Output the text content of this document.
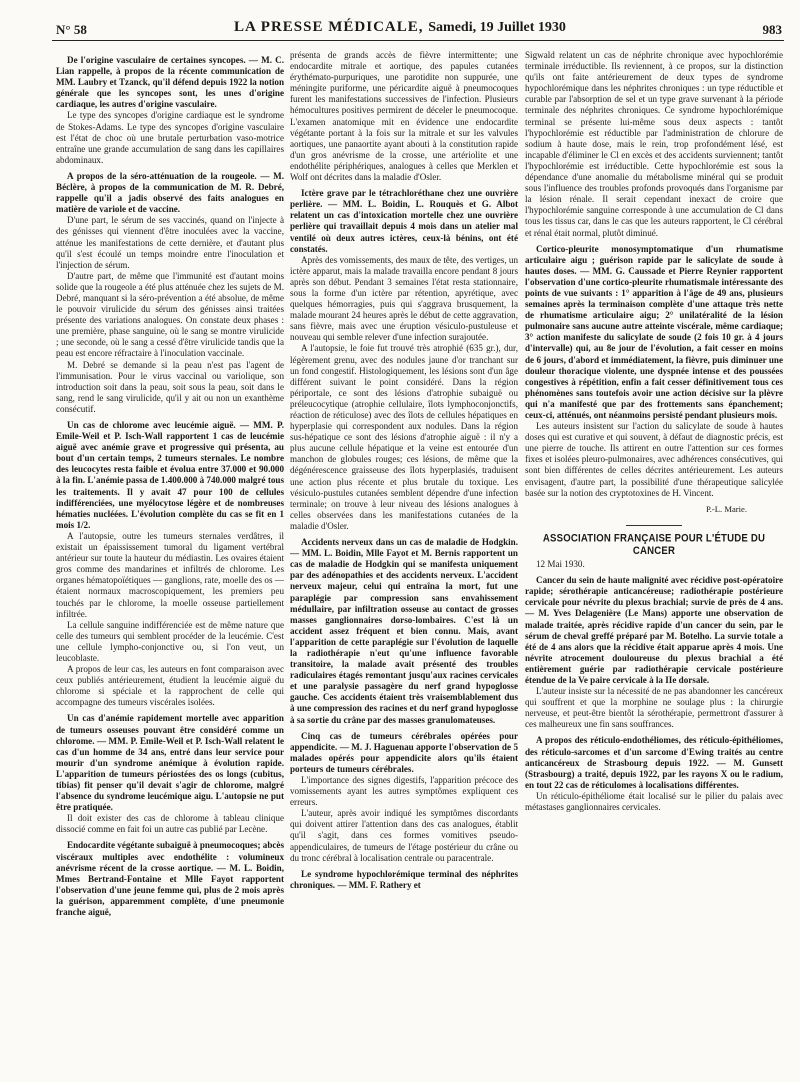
N° 58	LA PRESSE MÉDICALE, Samedi, 19 Juillet 1930	983

De l'origine vasculaire de certaines syncopes. — M. C. Lian rappelle, à propos de la récente communication de MM. Laubry et Tzanck, qu'il défend depuis 1922 la notion générale que les syncopes sont, les unes d'origine cardiaque, les autres d'origine vasculaire.

Le type des syncopes d'origine cardiaque est le syndrome de Stokes-Adams. Le type des syncopes d'origine vasculaire est l'état de choc où une brutale perturbation vaso-motrice entraîne une grande accumulation de sang dans les capillaires abdominaux.

A propos de la séro-atténuation de la rougeole. — M. Béclère, à propos de la communication de M. R. Debré, rappelle qu'il a jadis observé des faits analogues en matière de variole et de vaccine.

D'une part, le sérum de ses vaccinés, quand on l'injecte à des génisses qui viennent d'être inoculées avec la vaccine, atténue les manifestations de cette dernière, et d'autant plus qu'il s'est écoulé un temps moindre entre l'inoculation et l'injection de sérum.

D'autre part, de même que l'immunité est d'autant moins solide que la rougeole a été plus atténuée chez les sujets de M. Debré, manquant si la séro-prévention a été absolue, de même le pouvoir virulicide du sérum des génisses ainsi traitées présente des variations analogues. On constate deux phases : une première, phase sanguine, où le sang se montre virulicide ; une seconde, où le sang a cessé d'être virulicide tandis que la peau est encore réfractaire à l'inoculation vaccinale.

M. Debré se demande si la peau n'est pas l'agent de l'immunisation. Pour le virus vaccinal ou variolique, son introduction soit dans la peau, soit sous la peau, soit dans le sang, rend le sang virulicide, qu'il y ait ou non un exanthème consécutif.

Un cas de chlorome avec leucémie aiguë. — MM. P. Emile-Weil et P. Isch-Wall rapportent 1 cas de leucémie aiguë avec anémie grave et progressive qui présenta, au bout d'un certain temps, 2 tumeurs sternales. Le nombre des leucocytes resta faible et évolua entre 37.000 et 90.000 à la fin. L'anémie passa de 1.400.000 à 740.000 malgré tous les traitements. Il y avait 47 pour 100 de cellules indifférenciées, une myélocytose légère et de nombreuses hématies nucléées. L'évolution complète du cas se fit en 1 mois 1/2.

A l'autopsie, outre les tumeurs sternales verdâtres, il existait un épaississement tumoral du ligament vertébral antérieur sur toute la hauteur du médiastin. Les ovaires étaient gros comme des mandarines et infiltrés de chlorome. Les organes hématopoïétiques — ganglions, rate, moelle des os — étaient normaux macroscopiquement, les premiers peu touchés par le chlorome, la moelle osseuse partiellement infiltrée.

La cellule sanguine indifférenciée est de même nature que celle des tumeurs qui semblent procéder de la leucémie. C'est une cellule lympho-conjonctive ou, si l'on veut, un leucoblaste.

A propos de leur cas, les auteurs en font comparaison avec ceux publiés antérieurement, étudient la leucémie aiguë du chlorome si spéciale et la rapprochent de celle qui accompagne des tumeurs viscérales isolées.

Un cas d'anémie rapidement mortelle avec apparition de tumeurs osseuses pouvant être considéré comme un chlorome. — MM. P. Emile-Weil et P. Isch-Wall relatent le cas d'un homme de 34 ans, entré dans leur service pour mourir d'un syndrome anémique à évolution rapide. L'apparition de tumeurs périostées des os longs (cubitus, tibias) fit penser qu'il devait s'agir de chlorome, malgré l'absence du syndrome leucémique aigu. L'autopsie ne put être pratiquée.

Il doit exister des cas de chlorome à tableau clinique dissocié comme en fait foi un autre cas publié par Lecène.

Endocardite végétante subaiguë à pneumocoques; abcès viscéraux multiples avec endothélite : volumineux anévrisme récent de la crosse aortique. — M. L. Boidin, Mmes Bertrand-Fontaine et Mlle Fayot rapportent l'observation d'une jeune femme qui, plus de 2 mois après la guérison, apparemment complète, d'une pneumonie franche aiguë,

présenta de grands accès de fièvre intermittente; une endocardite mitrale et aortique, des papules cutanées érythémato-purpuriques, une parotidite non suppurée, une méningite puriforme, une péricardite aiguë à pneumocoques furent les manifestations successives de l'infection. Plusieurs hémocultures positives permirent de déceler le pneumocoque. L'examen anatomique mit en évidence une endocardite végétante portant à la fois sur la mitrale et sur les valvules aortiques, une panaortite ayant abouti à la constitution rapide d'un gros anévrisme de la crosse, une artériolite et une endothélite périphériques, analogues à celles que Merklen et Wolf ont décrites dans la maladie d'Osler.

Ictère grave par le tétrachloréthane chez une ouvrière perlière. — MM. L. Boidin, L. Rouquès et G. Albot relatent un cas d'intoxication mortelle chez une ouvrière perlière qui travaillait depuis 4 mois dans un atelier mal ventilé où deux autres ictères, ceux-là bénins, ont été constatés.

Après des vomissements, des maux de tête, des vertiges, un ictère apparut, mais la malade travailla encore pendant 8 jours après son début. Pendant 3 semaines l'état resta stationnaire, sous la forme d'un ictère par rétention, apyrétique, avec quelques hémorragies, puis qui s'aggrava brusquement, la malade mourant 24 heures après le début de cette aggravation, sans fièvre, mais avec une éruption vésiculo-pustuleuse et nouveau qui semble relever d'une infection surajoutée.

A l'autopsie, le foie fut trouvé très atrophié (635 gr.), dur, légèrement grenu, avec des nodules jaune d'or tranchant sur un fond congestif. Histologiquement, les lésions sont d'un âge différent suivant le point considéré. Dans la région périportale, ce sont des lésions d'atrophie subaiguë ou préleucocytique (atrophie cellulaire, îlots lymphoconjonctifs, réaction de réticulose) avec des îlots de cellules hépatiques en hyperplasie qui correspondent aux nodules. Dans la région sus-hépatique ce sont des lésions d'atrophie aiguë : il n'y a plus aucune cellule hépatique et la veine est entourée d'un manchon de globules rouges; ces lésions, de même que la dégénérescence graisseuse des îlots hyperplasiés, traduisent une action plus récente et plus brutale du toxique. Les vésiculo-pustules cutanées semblent dépendre d'une infection terminale; on trouve à leur niveau des lésions analogues à celles observées dans les manifestations cutanées de la maladie d'Osler.

Accidents nerveux dans un cas de maladie de Hodgkin. — MM. L. Boidin, Mlle Fayot et M. Bernis rapportent un cas de maladie de Hodgkin qui se manifesta uniquement par des adénopathies et des accidents nerveux. L'accident nerveux majeur, celui qui entraîna la mort, fut une paraplégie par compression sans envahissement médullaire, par infiltration osseuse au contact de grosses masses ganglionnaires dorso-lombaires. C'est là un accident assez fréquent et bien connu. Mais, avant l'apparition de cette paraplégie sur l'évolution de laquelle la radiothérapie n'eut qu'une influence favorable transitoire, la malade avait présenté des troubles radiculaires étagés remontant jusqu'aux racines cervicales et une paralysie passagère du nerf grand hypoglosse gauche. Ces accidents étaient très vraisemblablement dus à une compression des racines et du nerf grand hypoglosse à sa sortie du crâne par des masses granulomateuses.

Cinq cas de tumeurs cérébrales opérées pour appendicite. — M. J. Haguenau apporte l'observation de 5 malades opérés pour appendicite alors qu'ils étaient porteurs de tumeurs cérébrales.

L'importance des signes digestifs, l'apparition précoce des vomissements ayant les autres symptômes expliquent ces erreurs.

L'auteur, après avoir indiqué les symptômes discordants qui doivent attirer l'attention dans des cas analogues, établit qu'il s'agit, dans ces formes vomitives pseudo-appendiculaires, de tumeurs de l'étage postérieur du crâne ou du tronc cérébral à localisation centrale ou paracentrale.

Le syndrome hypochlorémique terminal des néphrites chroniques. — MM. F. Rathery et

Sigwald relatent un cas de néphrite chronique avec hypochlorémie terminale irréductible. Ils reviennent, à ce propos, sur la distinction qu'ils ont faite antérieurement de deux types de syndrome hypochlorémique dans les néphrites chroniques : un type réductible et curable par l'absorption de sel et un type grave survenant à la période terminale des néphrites chroniques. Ce syndrome hypochlorémique terminal se présente lui-même sous deux aspects : tantôt l'hypochlorémie est réductible par l'administration de chlorure de sodium à haute dose, mais le rein, trop profondément lésé, est incapable d'éliminer le Cl en excès et des accidents surviennent; tantôt l'hypochlorémie est irréductible. Cette hypochlorémie est sous la dépendance d'une anomalie du métabolisme minéral qui se produit sous l'influence des troubles profonds provoqués dans l'organisme par la lésion rénale. Il serait cependant inexact de croire que l'hypochlorémie sanguine corresponde à une accumulation de Cl dans tous les tissus car, dans le cas que les auteurs rapportent, le Cl cérébral et rénal était normal, plutôt diminué.

Cortico-pleurite monosymptomatique d'un rhumatisme articulaire aigu ; guérison rapide par le salicylate de soude à hautes doses. — MM. G. Caussade et Pierre Reynier rapportent l'observation d'une cortico-pleurite rhumatismale intéressante des points de vue suivants : 1° apparition à l'âge de 49 ans, plusieurs semaines après la terminaison complète d'une attaque très nette de rhumatisme articulaire aigu; 2° unilatéralité de la lésion pulmonaire sans aucune autre atteinte viscérale, même cardiaque; 3° action manifeste du salicylate de soude (2 fois 10 gr. à 4 jours d'intervalle) qui, au 8e jour de l'évolution, a fait cesser en moins de 6 jours, d'abord et immédiatement, la fièvre, puis diminuer une douleur thoracique violente, une dyspnée intense et des poussées congestives à répétition, enfin a fait cesser définitivement tous ces phénomènes sans toutefois avoir une action décisive sur la plèvre qui n'a manifesté que par des frottements sans épanchement; ceux-ci, atténués, ont néanmoins persisté pendant plusieurs mois.

Les auteurs insistent sur l'action du salicylate de soude à hautes doses qui est curative et qui souvent, à défaut de diagnostic précis, est une pierre de touche. Ils attirent en outre l'attention sur ces formes fixes et isolées pleuro-pulmonaires, avec adhérences consécutives, qui sont bien différentes de celles décrites antérieurement. Les auteurs envisagent, d'autre part, la possibilité d'une thérapeutique salicylée basée sur la notion des cryptotoxines de H. Vincent.

P.-L. Marie.
ASSOCIATION FRANÇAISE POUR L'ÉTUDE DU CANCER
12 Mai 1930.

Cancer du sein de haute malignité avec récidive post-opératoire rapide; sérothérapie anticancéreuse; radiothérapie postérieure cervicale pour névrite du plexus brachial; survie de près de 4 ans. — M. Yves Delagenière (Le Mans) apporte une observation de malade traitée, après récidive rapide d'un cancer du sein, par le sérum de cheval greffé préparé par M. Botelho. La survie totale a été de 4 ans alors que la récidive était apparue après 4 mois. Une névrite atrocement douloureuse du plexus brachial a été entièrement guérie par radiothérapie cervicale postérieure étendue de la Ve paire cervicale à la IIe dorsale.

L'auteur insiste sur la nécessité de ne pas abandonner les cancéreux qui souffrent et que la morphine ne soulage plus : la chirurgie nerveuse, et peut-être bientôt la sérothérapie, permettront d'assurer à ces malheureux une fin sans souffrances.

A propos des réticulo-endothéliomes, des réticulo-épithéliomes, des réticulo-sarcomes et d'un sarcome d'Ewing traités au centre anticancéreux de Strasbourg depuis 1922. — M. Gunsett (Strasbourg) a traité, depuis 1922, par les rayons X ou le radium, en tout 22 cas de réticulomes à localisations différentes.

Un réticulo-épithéliome était localisé sur le pilier du palais avec métastases ganglionnaires cervicales.
